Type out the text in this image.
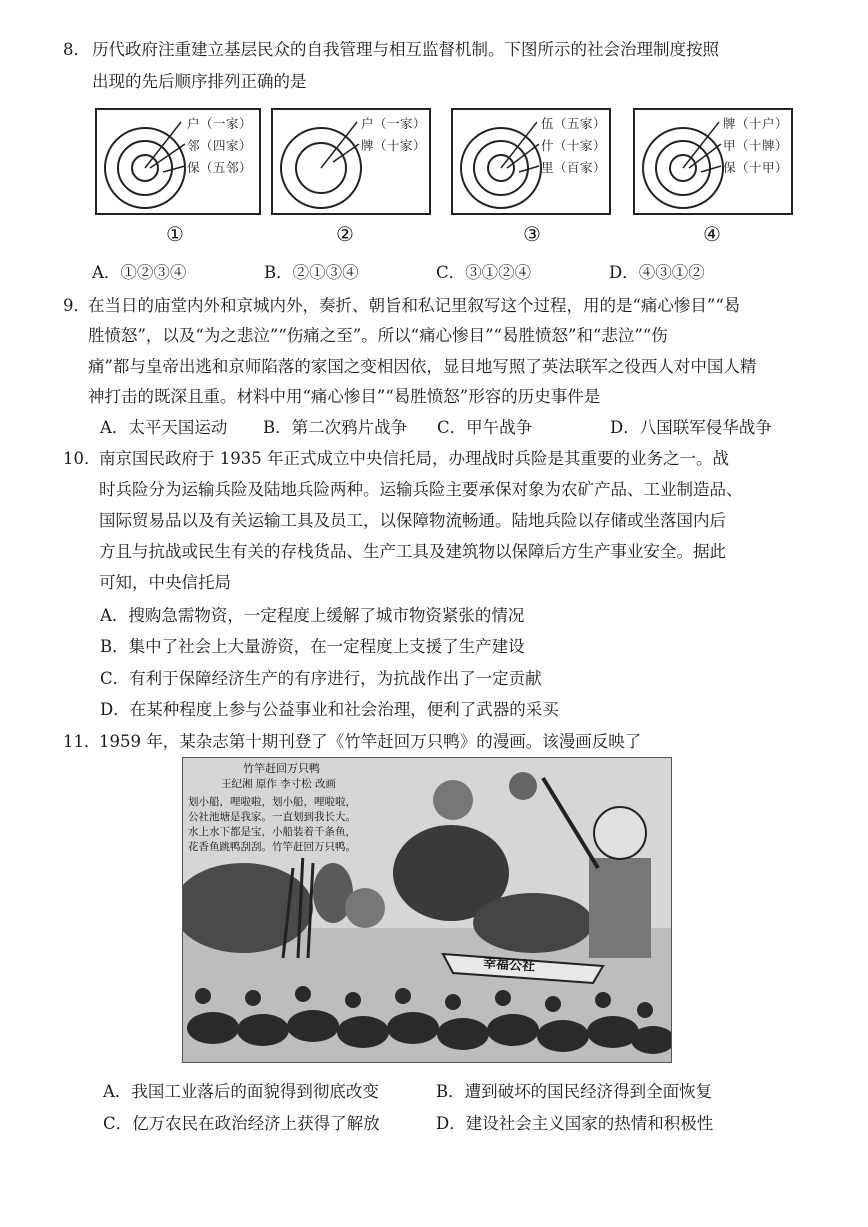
8． 历代政府注重建立基层民众的自我管理与相互监督机制。下图所示的社会治理制度按照
出现的先后顺序排列正确的是
户（一家）
邻（四家）
保（五邻）
①
户（一家）
牌（十家）
②
伍（五家）
什（十家）
里（百家）
③
牌（十户）
甲（十牌）
保（十甲）
④
A．①②③④	B．②①③④	C．③①②④	D．④③①②
9．
在当日的庙堂内外和京城内外，奏折、朝旨和私记里叙写这个过程，用的是“痛心惨目”“曷
胜愤怒”，以及“为之悲泣”“伤痛之至”。所以“痛心惨目”“曷胜愤怒”和“悲泣”“伤
痛”都与皇帝出逃和京师陷落的家国之变相因依，显目地写照了英法联军之役西人对中国人精
神打击的既深且重。材料中用“痛心惨目”“曷胜愤怒”形容的历史事件是
A．太平天国运动 B．第二次鸦片战争 C．甲午战争	D．八国联军侵华战争
10．
南京国民政府于 1935 年正式成立中央信托局，办理战时兵险是其重要的业务之一。战
时兵险分为运输兵险及陆地兵险两种。运输兵险主要承保对象为农矿产品、工业制造品、
国际贸易品以及有关运输工具及员工，以保障物流畅通。陆地兵险以存储或坐落国内后
方且与抗战或民生有关的存栈货品、生产工具及建筑物以保障后方生产事业安全。据此
可知，中央信托局
A．搜购急需物资，一定程度上缓解了城市物资紧张的情况
B．集中了社会上大量游资，在一定程度上支援了生产建设
C．有利于保障经济生产的有序进行，为抗战作出了一定贡献
D．在某种程度上参与公益事业和社会治理，便利了武器的采买
11．
1959 年，某杂志第十期刊登了《竹竿赶回万只鸭》的漫画。该漫画反映了
竹竿赶回万只鸭
王纪湘 原作 李寸松 改画
划小船，哩啦啦，划小船，哩啦啦，
公社池塘是我家。一直划到我长大。
水上水下都是宝，小船装着千条鱼，
花香鱼跳鸭刮刮。竹竿赶回万只鸭。
幸福公社
A．我国工业落后的面貌得到彻底改变	B．遭到破坏的国民经济得到全面恢复
C．亿万农民在政治经济上获得了解放	D．建设社会主义国家的热情和积极性
